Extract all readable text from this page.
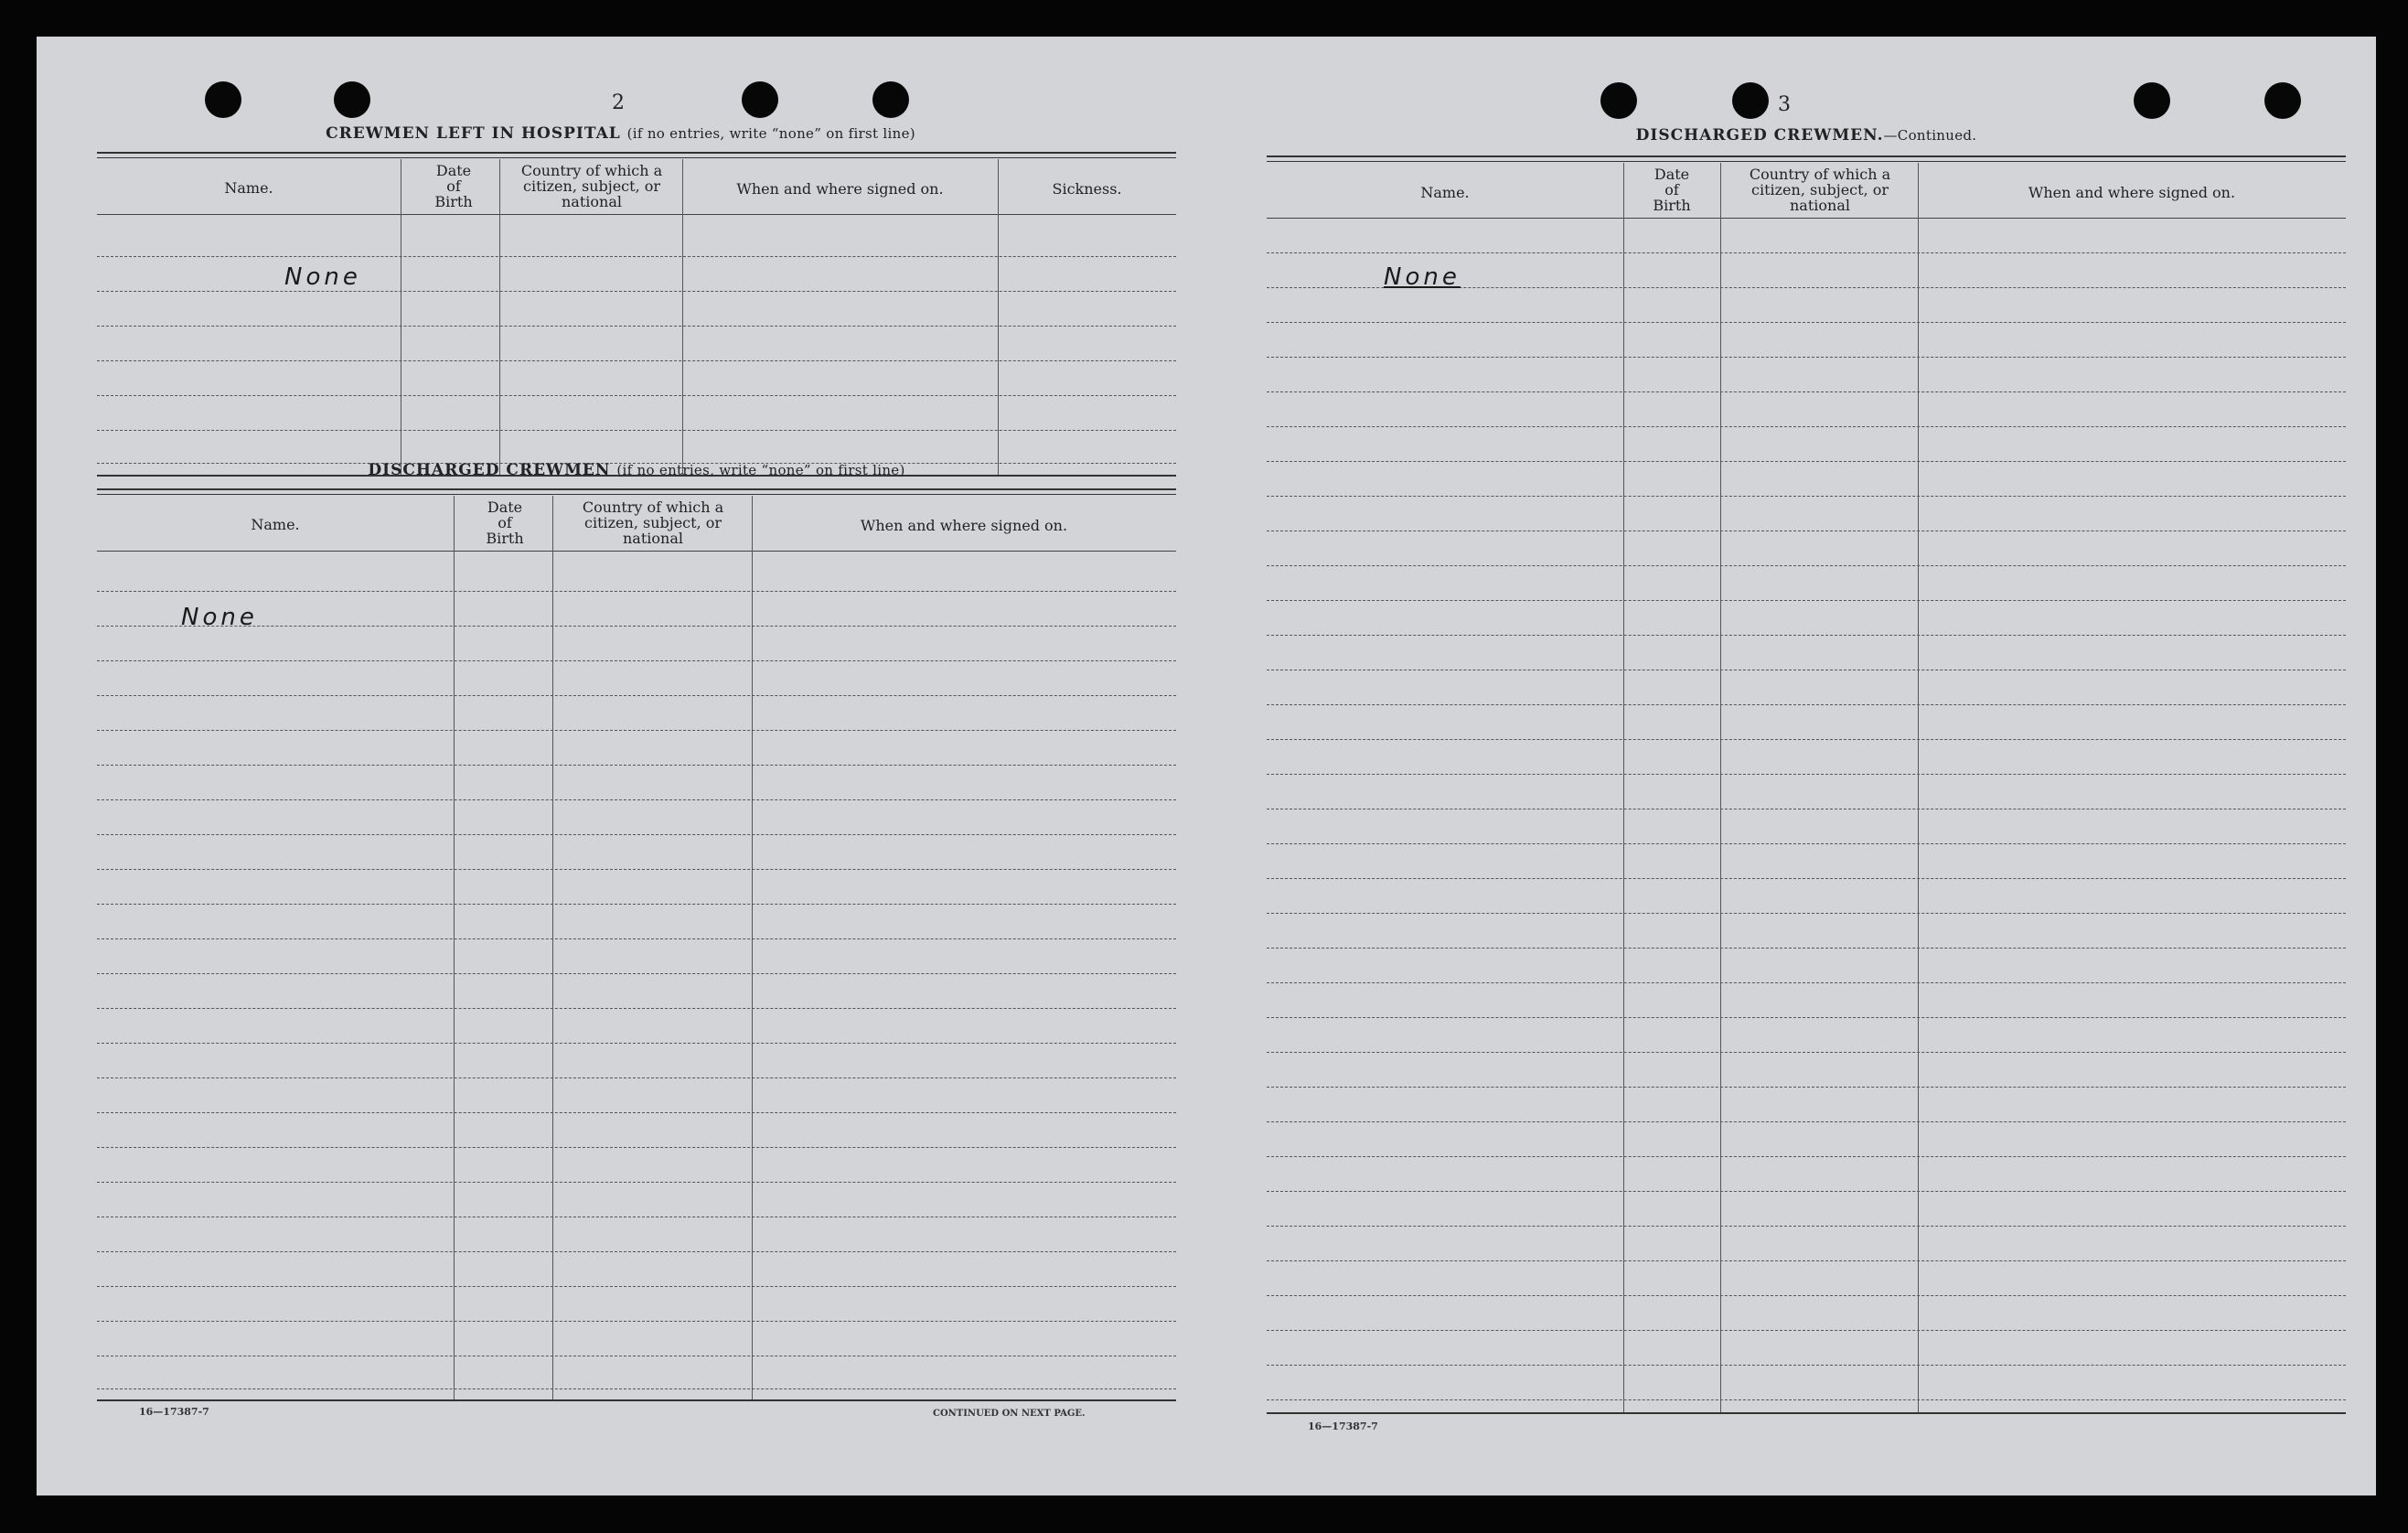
2
CREWMEN LEFT IN HOSPITAL (if no entries, write “none” on first line)
Name.
Date of Birth
Country of which a citizen, subject, or national
When and where signed on.	Sickness.
None
DISCHARGED CREWMEN (if no entries, write “none” on first line)
Name.
Date of Birth
Country of which a citizen, subject, or national
When and where signed on.
None
16—17387-7	CONTINUED ON NEXT PAGE.
3
DISCHARGED CREWMEN.—Continued.
Name.
Date of Birth
Country of which a citizen, subject, or national
When and where signed on.
None
16—17387-7
